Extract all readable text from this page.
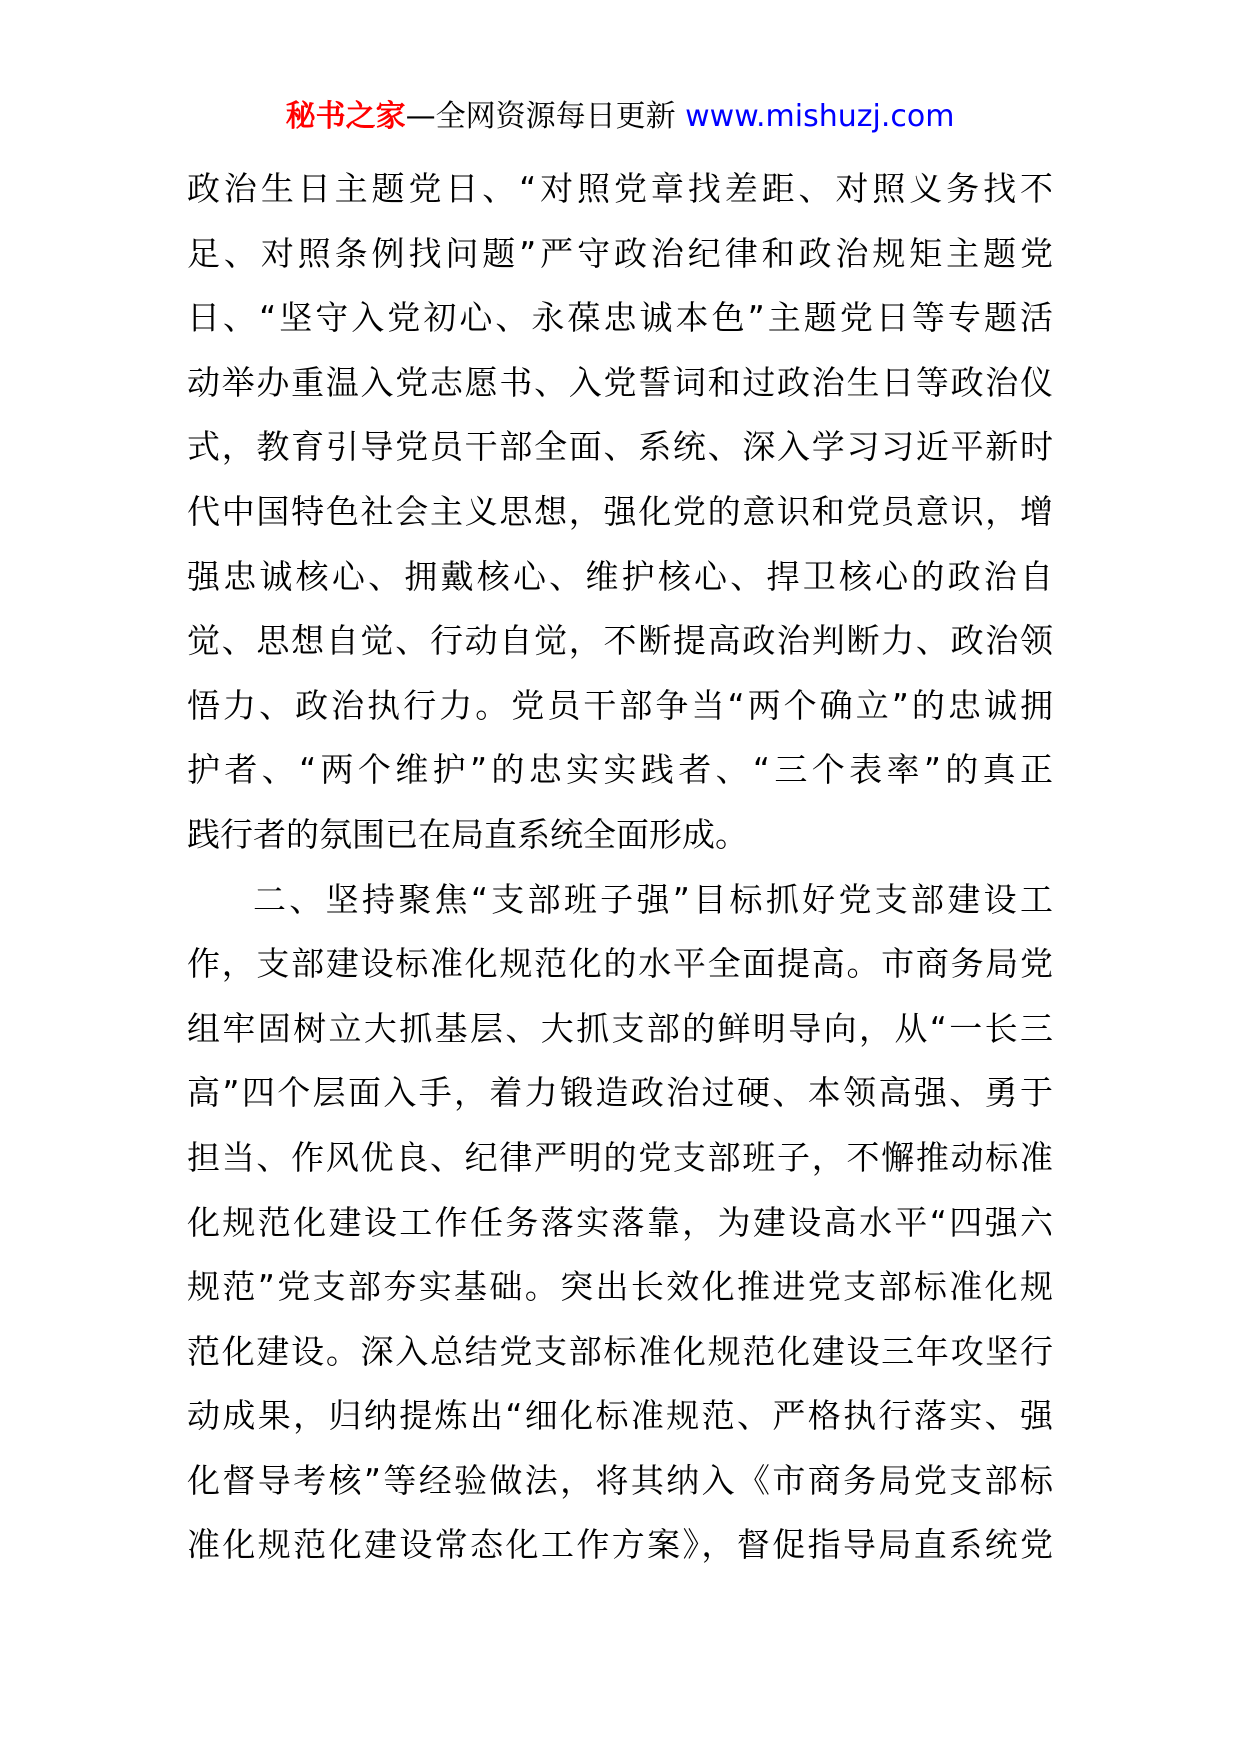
秘书之家—全网资源每日更新 www.mishuzj.com
政治生日主题党日、“对照党章找差距、对照义务找不
足、对照条例找问题”严守政治纪律和政治规矩主题党
日、“坚守入党初心、永葆忠诚本色”主题党日等专题活
动举办重温入党志愿书、入党誓词和过政治生日等政治仪
式，教育引导党员干部全面、系统、深入学习习近平新时
代中国特色社会主义思想，强化党的意识和党员意识，增
强忠诚核心、拥戴核心、维护核心、捍卫核心的政治自
觉、思想自觉、行动自觉，不断提高政治判断力、政治领
悟力、政治执行力。党员干部争当“两个确立”的忠诚拥
护者、“两个维护”的忠实实践者、“三个表率”的真正
践行者的氛围已在局直系统全面形成。
二、坚持聚焦“支部班子强”目标抓好党支部建设工
作，支部建设标准化规范化的水平全面提高。市商务局党
组牢固树立大抓基层、大抓支部的鲜明导向，从“一长三
高”四个层面入手，着力锻造政治过硬、本领高强、勇于
担当、作风优良、纪律严明的党支部班子，不懈推动标准
化规范化建设工作任务落实落靠，为建设高水平“四强六
规范”党支部夯实基础。突出长效化推进党支部标准化规
范化建设。深入总结党支部标准化规范化建设三年攻坚行
动成果，归纳提炼出“细化标准规范、严格执行落实、强
化督导考核”等经验做法，将其纳入《市商务局党支部标
准化规范化建设常态化工作方案》，督促指导局直系统党
